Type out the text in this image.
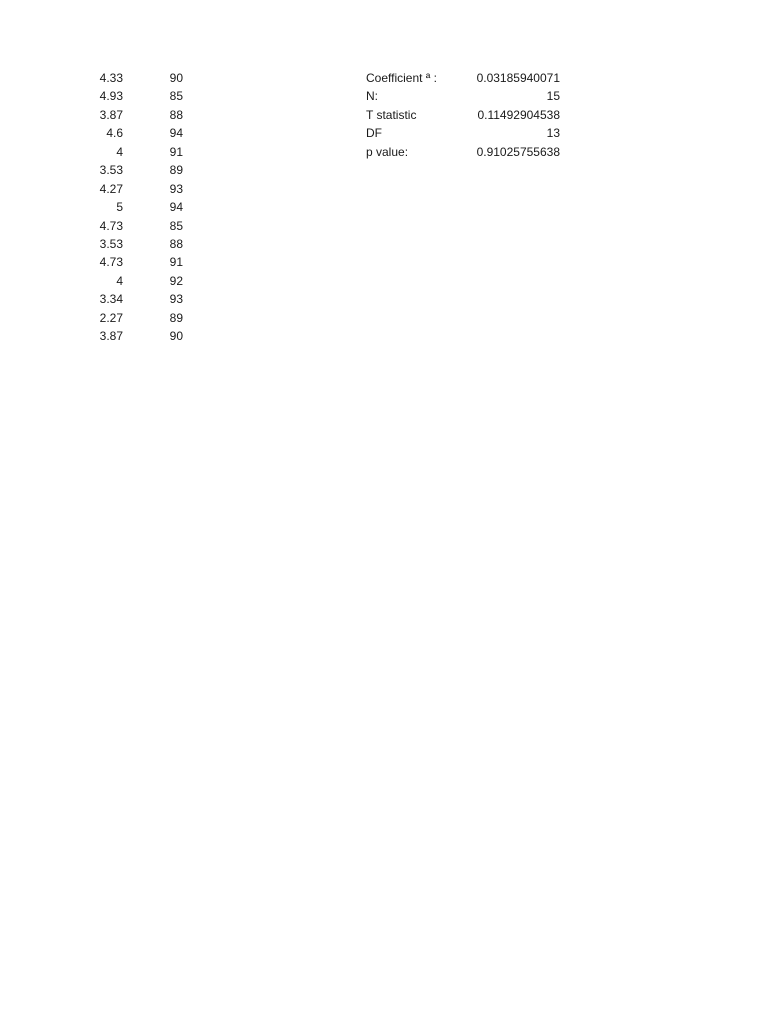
4.33	90
4.93	85
3.87	88
4.6	94
4	91
3.53	89
4.27	93
5	94
4.73	85
3.53	88
4.73	91
4	92
3.34	93
2.27	89
3.87	90
Coefficient ª :	0.03185940071
N:	15
T statistic	0.11492904538
DF	13
p value:	0.91025755638
